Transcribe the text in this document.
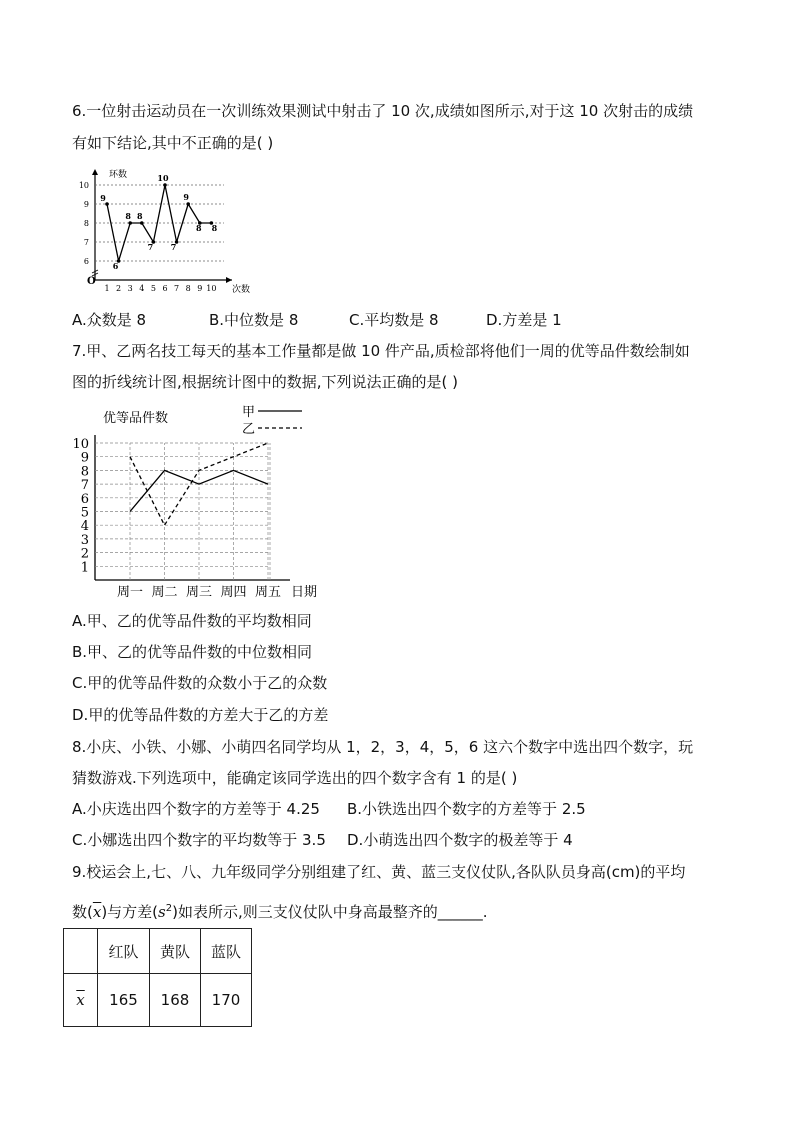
6.一位射击运动员在一次训练效果测试中射击了 10 次,成绩如图所示,对于这 10 次射击的成绩
有如下结论,其中不正确的是( )
O
环数
次数
6
7
8
9
10
1 2 3 4 5 6 7 8 9 10
9
6
8 8
7
10
7
9
8 8
A.众数是 8	B.中位数是 8	C.平均数是 8	D.方差是 1
7.甲、乙两名技工每天的基本工作量都是做 10 件产品,质检部将他们一周的优等品件数绘制如
图的折线统计图,根据统计图中的数据,下列说法正确的是( )
优等品件数
日期
1
2
3
4
5
6
7
8
9
10
周一 周二 周三 周四 周五
甲
乙
A.甲、乙的优等品件数的平均数相同
B.甲、乙的优等品件数的中位数相同
C.甲的优等品件数的众数小于乙的众数
D.甲的优等品件数的方差大于乙的方差
8.小庆、小铁、小娜、小萌四名同学均从 1，2，3，4，5，6 这六个数字中选出四个数字，玩
猜数游戏.下列选项中，能确定该同学选出的四个数字含有 1 的是( )
A.小庆选出四个数字的方差等于 4.25 B.小铁选出四个数字的方差等于 2.5
C.小娜选出四个数字的平均数等于 3.5 D.小萌选出四个数字的极差等于 4
9.校运会上,七、八、九年级同学分别组建了红、黄、蓝三支仪仗队,各队队员身高(cm)的平均
数$(\overline{x})$与方差$(s^2)$如表所示,则三支仪仗队中身高最整齐的______.
	红队	黄队	蓝队
$\overline{x}$	165	168	170
